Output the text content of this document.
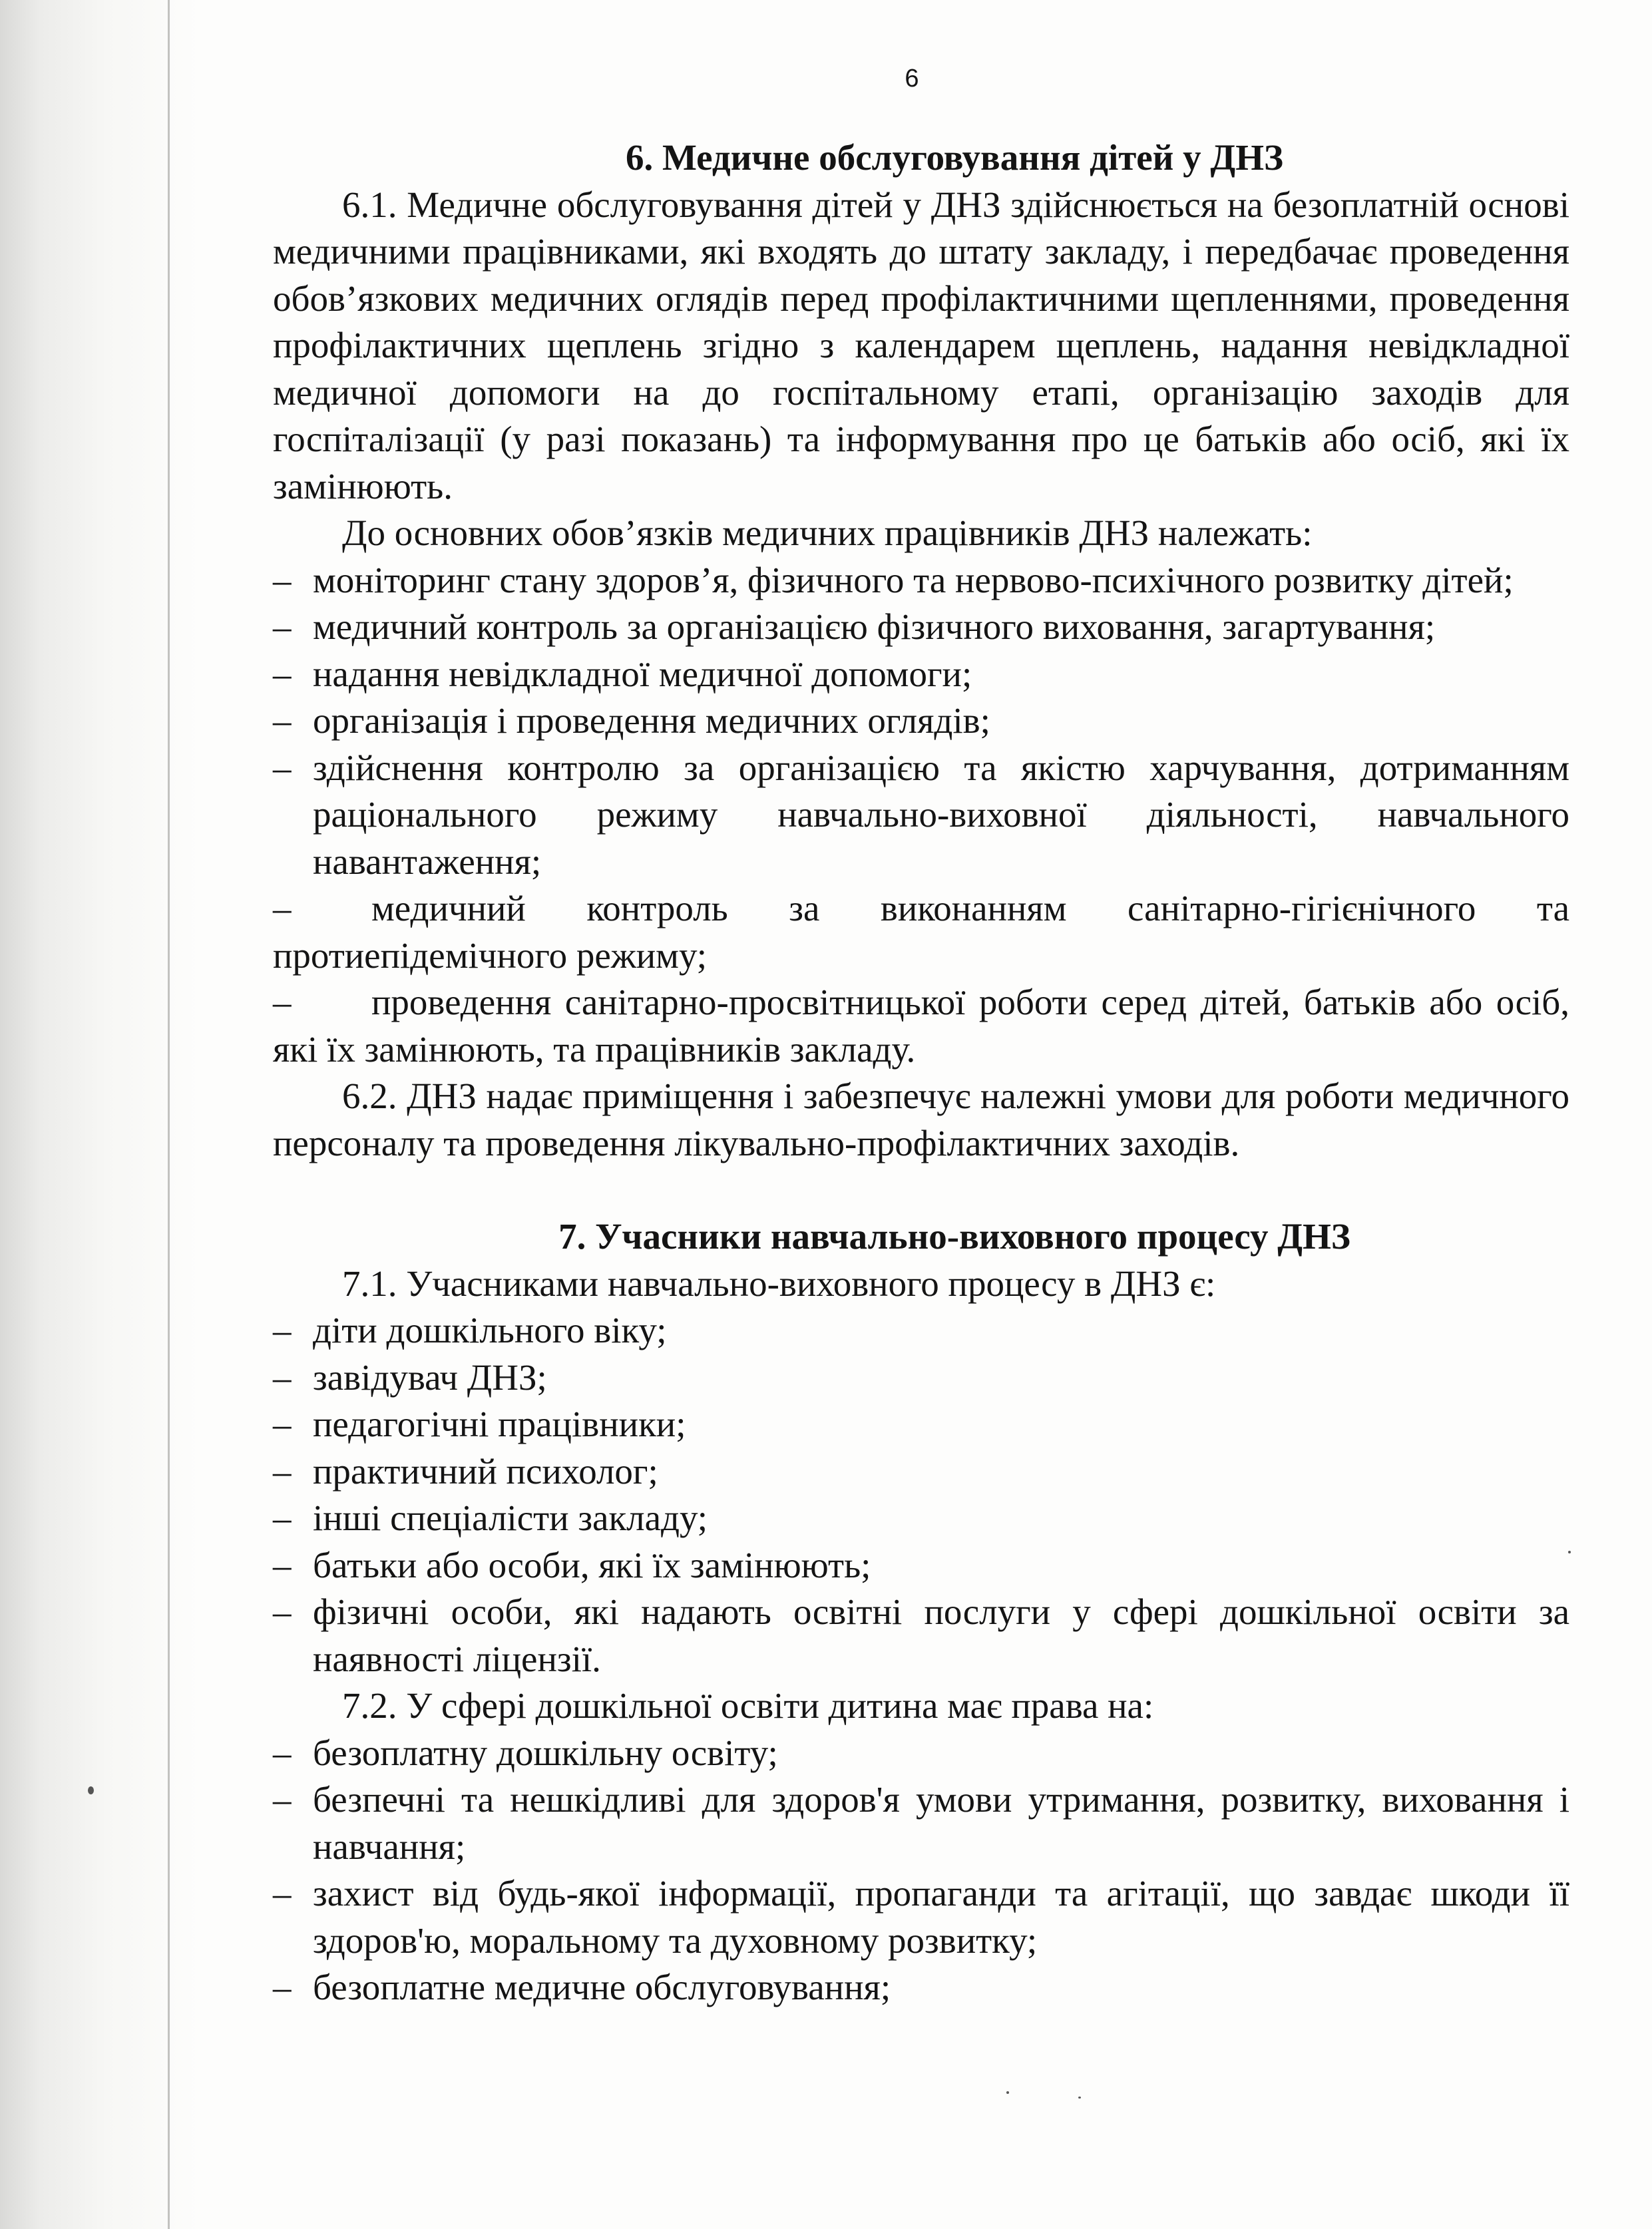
6
6. Медичне обслуговування дітей у ДНЗ
6.1. Медичне обслуговування дітей у ДНЗ здійснюється на безоплатній основі медичними працівниками, які входять до штату закладу, і передбачає проведення обов’язкових медичних оглядів перед профілактичними щепленнями, проведення профілактичних щеплень згідно з календарем щеплень, надання невідкладної медичної допомоги на до госпітальному етапі, організацію заходів для госпіталізації (у разі показань) та інформування про це батьків або осіб, які їх замінюють.
До основних обов’язків медичних працівників ДНЗ належать:
– моніторинг стану здоров’я, фізичного та нервово-психічного розвитку дітей;
– медичний контроль за організацією фізичного виховання, загартування;
– надання невідкладної медичної допомоги;
– організація і проведення медичних оглядів;
– здійснення контролю за організацією та якістю харчування, дотриманням раціонального режиму навчально-виховної діяльності, навчального навантаження;
– медичний контроль за виконанням санітарно-гігієнічного та протиепідемічного режиму;
– проведення санітарно-просвітницької роботи серед дітей, батьків або осіб, які їх замінюють, та працівників закладу.
6.2. ДНЗ надає приміщення і забезпечує належні умови для роботи медичного персоналу та проведення лікувально-профілактичних заходів.
7. Учасники навчально-виховного процесу ДНЗ
7.1. Учасниками навчально-виховного процесу в ДНЗ є:
– діти дошкільного віку;
– завідувач ДНЗ;
– педагогічні працівники;
– практичний психолог;
– інші спеціалісти закладу;
– батьки або особи, які їх замінюють;
– фізичні особи, які надають освітні послуги у сфері дошкільної освіти за наявності ліцензії.
7.2. У сфері дошкільної освіти дитина має права на:
– безоплатну дошкільну освіту;
– безпечні та нешкідливі для здоров'я умови утримання, розвитку, виховання і навчання;
– захист від будь-якої інформації, пропаганди та агітації, що завдає шкоди її здоров'ю, моральному та духовному розвитку;
– безоплатне медичне обслуговування;
